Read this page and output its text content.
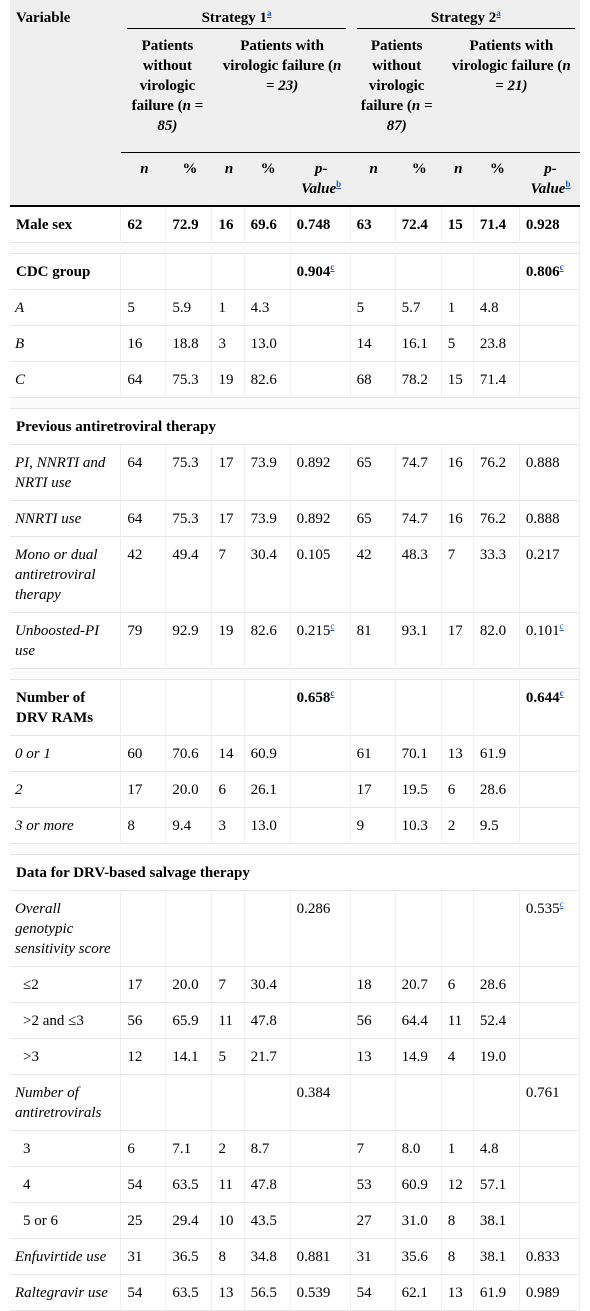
Variable	Strategy 1$^a$					Strategy 2$^a$

	Patients without virologic failure (n = 85)		Patients with virologic failure (n = 23)			Patients without virologic failure (n = 87)		Patients with virologic failure (n = 21)		
	n	%	n	%	p-Value$^b$	n	%	n	%	p-Value$^b$
Male sex	62	72.9	16	69.6	0.748	63	72.4	15	71.4	0.928

CDC group					0.904$^c$					0.806$^c$
A	5	5.9	1	4.3		5	5.7	1	4.8	
B	16	18.8	3	13.0		14	16.1	5	23.8	
C	64	75.3	19	82.6		68	78.2	15	71.4	

Previous antiretroviral therapy										
PI, NNRTI and NRTI use	64	75.3	17	73.9	0.892	65	74.7	16	76.2	0.888
NNRTI use	64	75.3	17	73.9	0.892	65	74.7	16	76.2	0.888
Mono or dual antiretroviral therapy	42	49.4	7	30.4	0.105	42	48.3	7	33.3	0.217
Unboosted-PI use	79	92.9	19	82.6	0.215$^c$	81	93.1	17	82.0	0.101$^c$

Number of DRV RAMs					0.658$^c$					0.644$^c$
0 or 1	60	70.6	14	60.9		61	70.1	13	61.9	
2	17	20.0	6	26.1		17	19.5	6	28.6	
3 or more	8	9.4	3	13.0		9	10.3	2	9.5	

Data for DRV-based salvage therapy										
Overall genotypic sensitivity score					0.286					0.535$^c$
≤2	17	20.0	7	30.4		18	20.7	6	28.6	
>2 and ≤3	56	65.9	11	47.8		56	64.4	11	52.4	
>3	12	14.1	5	21.7		13	14.9	4	19.0	
Number of antiretrovirals					0.384					0.761
3	6	7.1	2	8.7		7	8.0	1	4.8	
4	54	63.5	11	47.8		53	60.9	12	57.1	
5 or 6	25	29.4	10	43.5		27	31.0	8	38.1	
Enfuvirtide use	31	36.5	8	34.8	0.881	31	35.6	8	38.1	0.833
Raltegravir use	54	63.5	13	56.5	0.539	54	62.1	13	61.9	0.989
